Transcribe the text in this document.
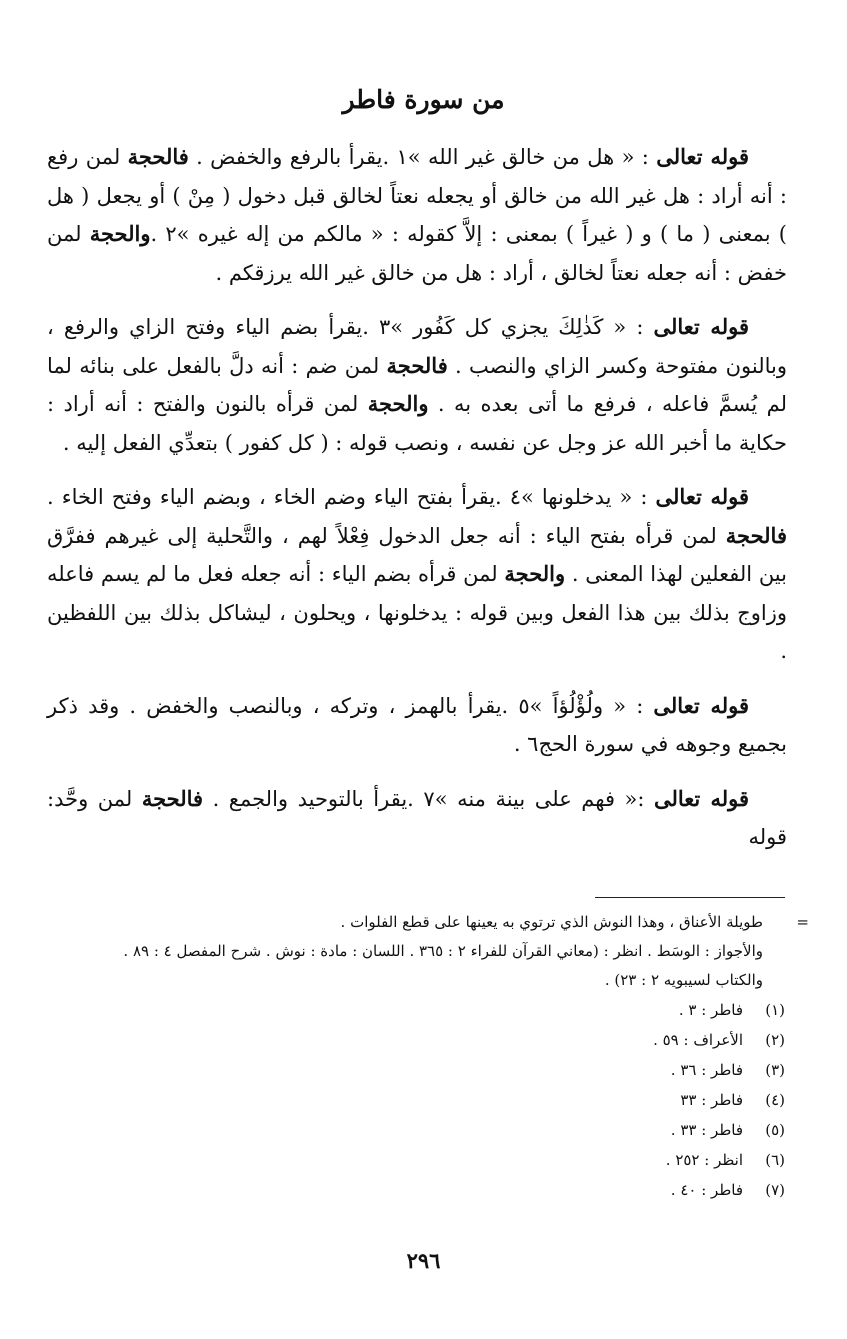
من سورة فاطر

قوله تعالى : « هل من خالق غير الله »١ .يقرأ بالرفع والخفض . فالحجة لمن رفع : أنه أراد : هل غير الله من خالق أو يجعله نعتاً لخالق قبل دخول ( مِنْ ) أو يجعل ( هل ) بمعنى ( ما ) و ( غيراً ) بمعنى : إلاَّ كقوله : « مالكم من إله غيره »٢ .والحجة لمن خفض : أنه جعله نعتاً لخالق ، أراد : هل من خالق غير الله يرزقكم .

قوله تعالى : « كَذٰلِكَ يجزي كل كَفُور »٣ .يقرأ بضم الياء وفتح الزاي والرفع ، وبالنون مفتوحة وكسر الزاي والنصب . فالحجة لمن ضم : أنه دلَّ بالفعل على بنائه لما لم يُسمَّ فاعله ، فرفع ما أتى بعده به . والحجة لمن قرأه بالنون والفتح : أنه أراد : حكاية ما أخبر الله عز وجل عن نفسه ، ونصب قوله : ( كل كفور ) بتعدِّي الفعل إليه .

قوله تعالى : « يدخلونها »٤ .يقرأ بفتح الياء وضم الخاء ، وبضم الياء وفتح الخاء . فالحجة لمن قرأه بفتح الياء : أنه جعل الدخول فِعْلاً لهم ، والتَّحلية إلى غيرهم ففرَّق بين الفعلين لهذا المعنى . والحجة لمن قرأه بضم الياء : أنه جعله فعل ما لم يسم فاعله وزاوج بذلك بين هذا الفعل وبين قوله : يدخلونها ، ويحلون ، ليشاكل بذلك بين اللفظين .

قوله تعالى : « ولُؤْلُؤاً »٥ .يقرأ بالهمز ، وتركه ، وبالنصب والخفض . وقد ذكر بجميع وجوهه في سورة الحج٦ .

قوله تعالى :« فهم على بينة منه »٧ .يقرأ بالتوحيد والجمع . فالحجة لمن وحَّد: قوله

=

طويلة الأعناق ، وهذا النوش الذي ترتوي به يعينها على قطع الفلوات .

والأجواز : الوسَط . انظر : (معاني القرآن للفراء ٢ : ٣٦٥ . اللسان : مادة : نوش . شرح المفصل ٤ : ٨٩ .

والكتاب لسيبويه ٢ : ٢٣) .

(١)فاطر : ٣ .

(٢)الأعراف : ٥٩ .

(٣)فاطر : ٣٦ .

(٤)فاطر : ٣٣

(٥)فاطر : ٣٣ .

(٦)انظر : ٢٥٢ .

(٧)فاطر : ٤٠ .

٢٩٦
